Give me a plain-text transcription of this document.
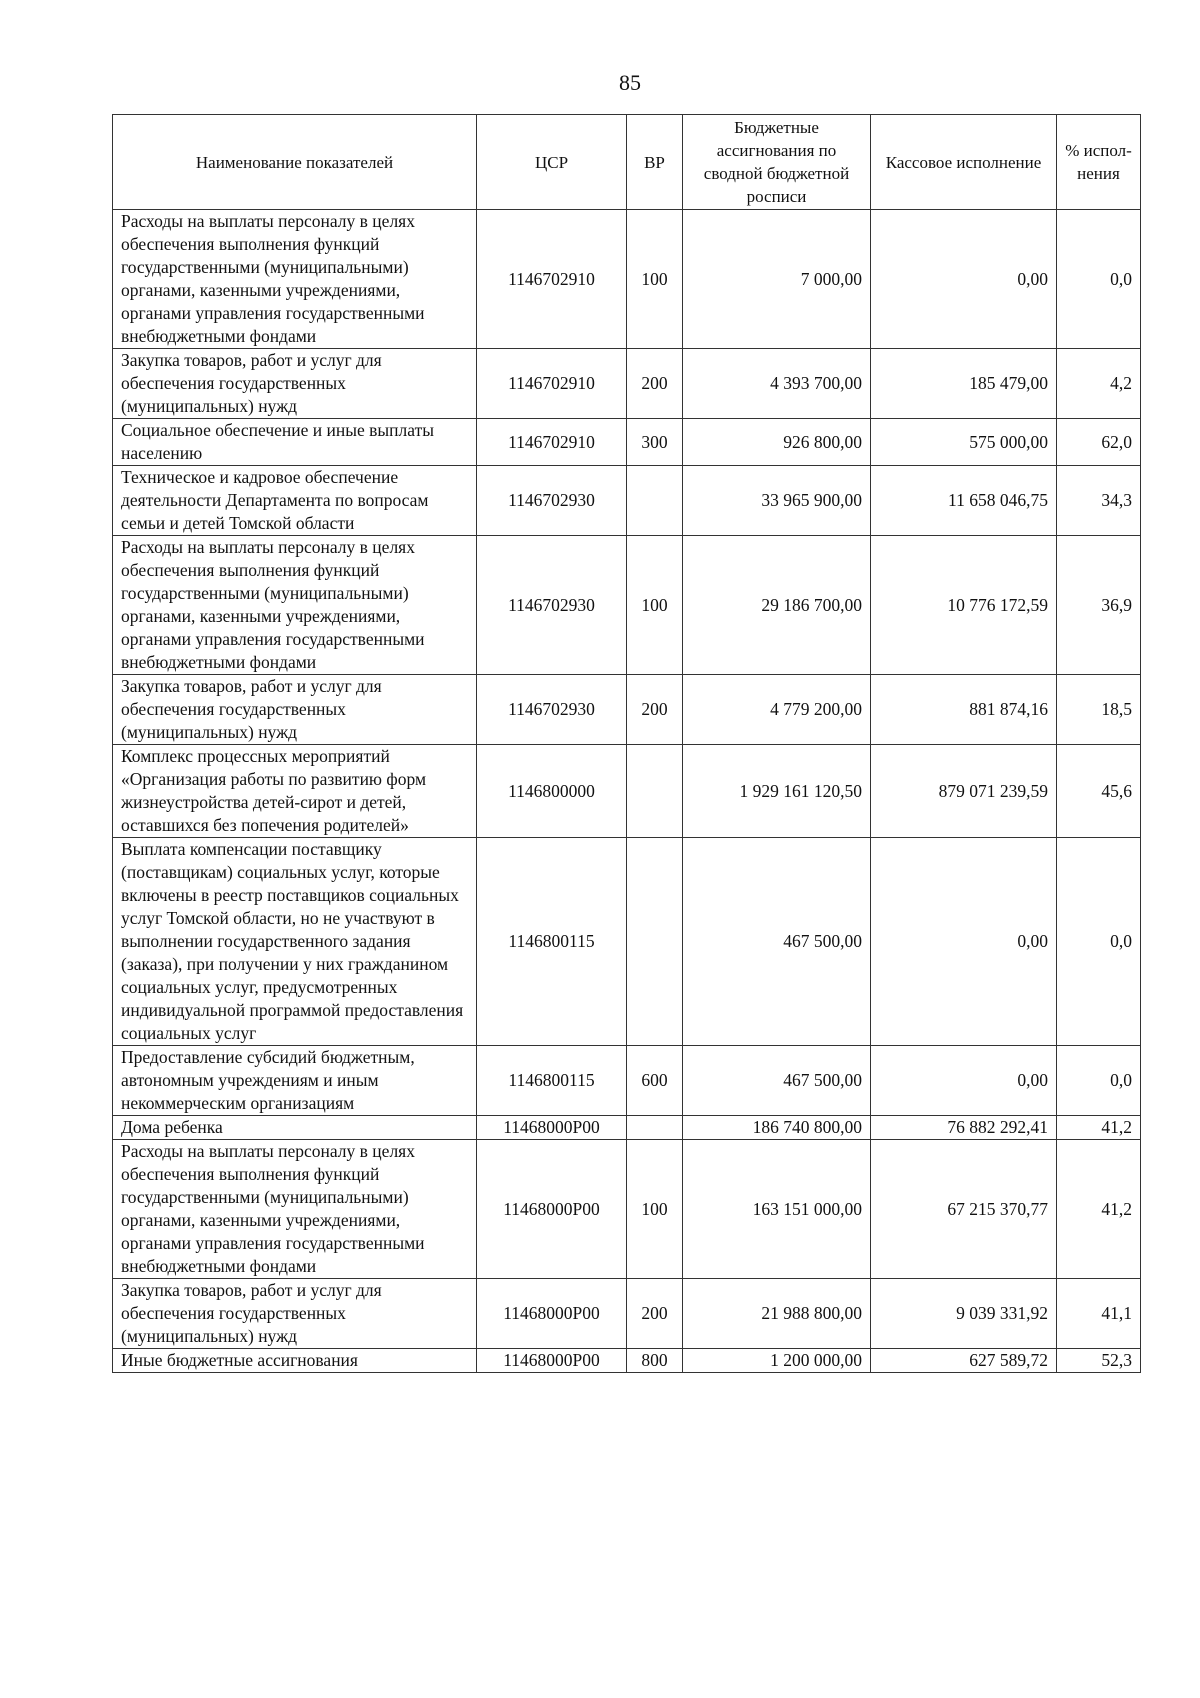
85
Наименование показателей	ЦСР	ВР	Бюджетные ассигнования по сводной бюджетной росписи	Кассовое исполнение	% испол-нения
Расходы на выплаты персоналу в целях обеспечения выполнения функций государственными (муниципальными) органами, казенными учреждениями, органами управления государственными внебюджетными фондами	1146702910	100	7 000,00	0,00	0,0
Закупка товаров, работ и услуг для обеспечения государственных (муниципальных) нужд	1146702910	200	4 393 700,00	185 479,00	4,2
Социальное обеспечение и иные выплаты населению	1146702910	300	926 800,00	575 000,00	62,0
Техническое и кадровое обеспечение деятельности Департамента по вопросам семьи и детей Томской области	1146702930		33 965 900,00	11 658 046,75	34,3
Расходы на выплаты персоналу в целях обеспечения выполнения функций государственными (муниципальными) органами, казенными учреждениями, органами управления государственными внебюджетными фондами	1146702930	100	29 186 700,00	10 776 172,59	36,9
Закупка товаров, работ и услуг для обеспечения государственных (муниципальных) нужд	1146702930	200	4 779 200,00	881 874,16	18,5
Комплекс процессных мероприятий «Организация работы по развитию форм жизнеустройства детей-сирот и детей, оставшихся без попечения родителей»	1146800000		1 929 161 120,50	879 071 239,59	45,6
Выплата компенсации поставщику (поставщикам) социальных услуг, которые включены в реестр поставщиков социальных услуг Томской области, но не участвуют в выполнении государственного задания (заказа), при получении у них гражданином социальных услуг, предусмотренных индивидуальной программой предоставления социальных услуг	1146800115		467 500,00	0,00	0,0
Предоставление субсидий бюджетным, автономным учреждениям и иным некоммерческим организациям	1146800115	600	467 500,00	0,00	0,0
Дома ребенка	11468000Р00		186 740 800,00	76 882 292,41	41,2
Расходы на выплаты персоналу в целях обеспечения выполнения функций государственными (муниципальными) органами, казенными учреждениями, органами управления государственными внебюджетными фондами	11468000Р00	100	163 151 000,00	67 215 370,77	41,2
Закупка товаров, работ и услуг для обеспечения государственных (муниципальных) нужд	11468000Р00	200	21 988 800,00	9 039 331,92	41,1
Иные бюджетные ассигнования	11468000Р00	800	1 200 000,00	627 589,72	52,3
